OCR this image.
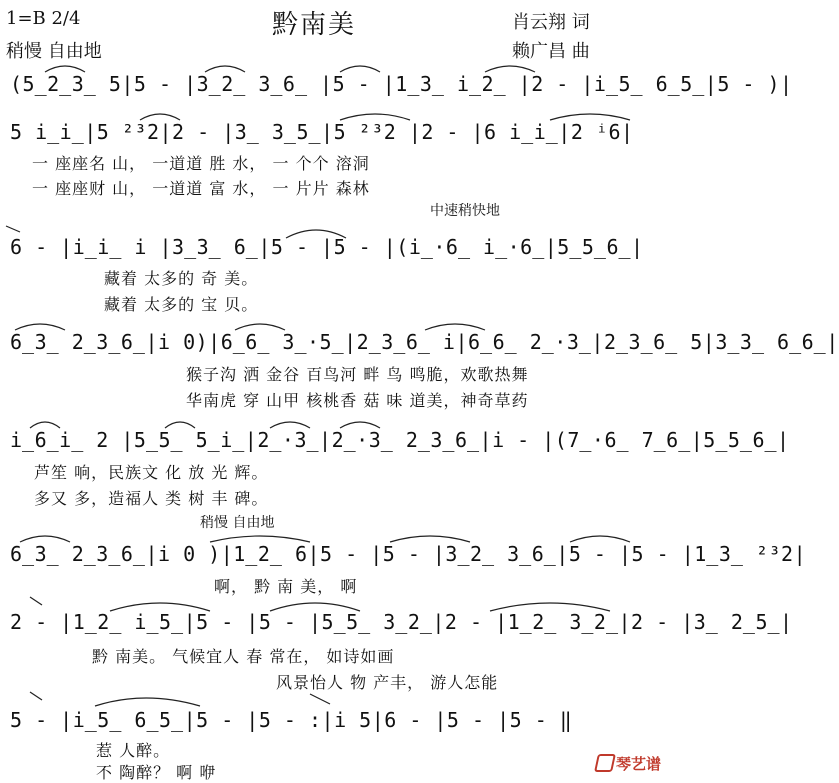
1=B 2/4	黔南美	肖云翔 词
稍慢 自由地	赖广昌 曲
(5̲2̲3̲ 5|5 - |3̲2̲ 3̲6̲ |5 - |1̲3̲ i̲2̲ |2 - |i̲5̲ 6̲5̲|5 - )|
5 i̲i̲|5 ²³2|2 - |3̲ 3̲5̲|5 ²³2 |2 - |6 i̲i̲|2 ⁱ6|
一 座座名 山， 一道道 胜 水， 一 个个 溶洞
一 座座财 山， 一道道 富 水， 一 片片 森林
中速稍快地
6 - |i̲i̲ i |3̲3̲ 6̲|5 - |5 - |(i̲·6̲ i̲·6̲|5̲5̲6̲|
藏着 太多的 奇 美。
藏着 太多的 宝 贝。
6̲3̲ 2̲3̲6̲|i 0)|6̲6̲ 3̲·5̲|2̲3̲6̲ i|6̲6̲ 2̲·3̲|2̲3̲6̲ 5|3̲3̲ 6̲6̲|
猴子沟 洒 金谷 百鸟河 畔 鸟 鸣脆，欢歌热舞
华南虎 穿 山甲 核桃香 菇 味 道美，神奇草药
i̲6̲i̲ 2 |5̲5̲ 5̲i̲|2̲·3̲|2̲·3̲ 2̲3̲6̲|i - |(7̲·6̲ 7̲6̲|5̲5̲6̲|
芦笙 响，民族文 化 放 光 辉。
多又 多，造福人 类 树 丰 碑。
稍慢 自由地
6̲3̲ 2̲3̲6̲|i 0 )|1̲2̲ 6|5 - |5 - |3̲2̲ 3̲6̲|5 - |5 - |1̲3̲ ²³2|
啊， 黔 南 美， 啊
2 - |1̲2̲ i̲5̲|5 - |5 - |5̲5̲ 3̲2̲|2 - |1̲2̲ 3̲2̲|2 - |3̲ 2̲5̲|
黔 南美。 气候宜人 春 常在， 如诗如画
风景怡人 物 产丰， 游人怎能
5 - |i̲5̲ 6̲5̲|5 - |5 - :|i 5|6 - |5 - |5 - ‖
惹 人醉。
不 陶醉？ 啊 咿	琴艺谱
